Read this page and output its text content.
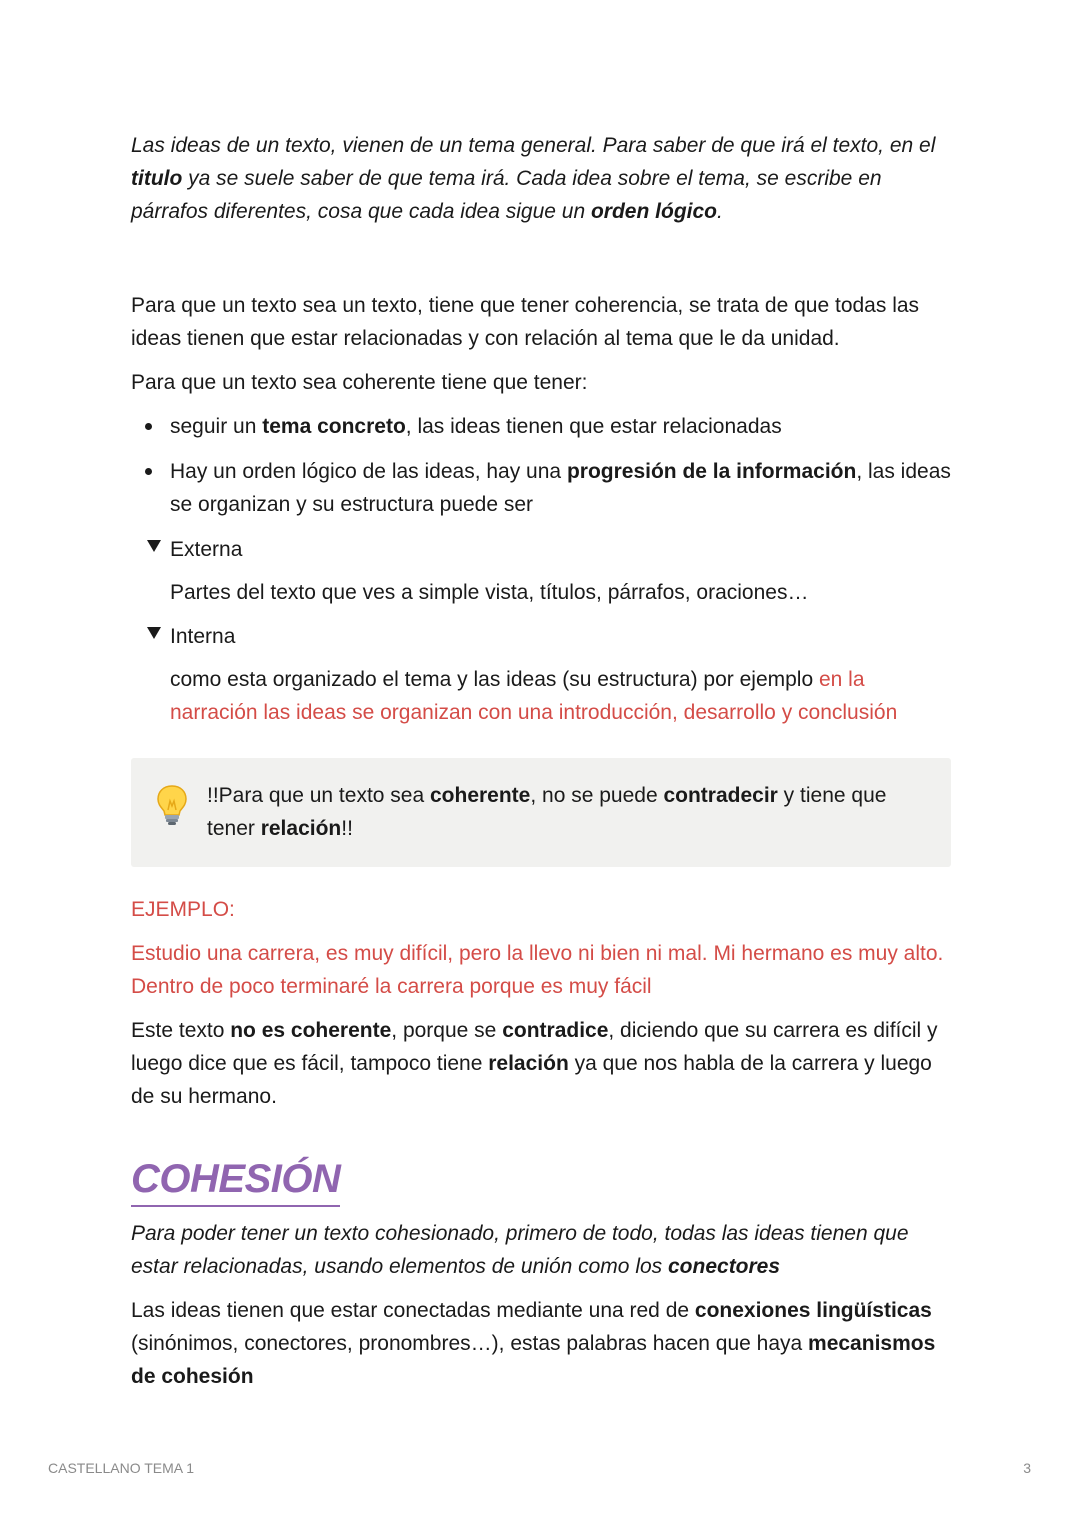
Las ideas de un texto, vienen de un tema general. Para saber de que irá el texto, en el titulo ya se suele saber de que tema irá. Cada idea sobre el tema, se escribe en párrafos diferentes, cosa que cada idea sigue un orden lógico.

Para que un texto sea un texto, tiene que tener coherencia, se trata de que todas las ideas tienen que estar relacionadas y con relación al tema que le da unidad.

Para que un texto sea coherente tiene que tener:

seguir un tema concreto, las ideas tienen que estar relacionadas
Hay un orden lógico de las ideas, hay una progresión de la información, las ideas se organizan y su estructura puede ser
Externa
Partes del texto que ves a simple vista, títulos, párrafos, oraciones…
Interna
como esta organizado el tema y las ideas (su estructura) por ejemplo en la narración las ideas se organizan con una introducción, desarrollo y conclusión

!!Para que un texto sea coherente, no se puede contradecir y tiene que tener relación!!

EJEMPLO:

Estudio una carrera, es muy difícil, pero la llevo ni bien ni mal. Mi hermano es muy alto. Dentro de poco terminaré la carrera porque es muy fácil

Este texto no es coherente, porque se contradice, diciendo que su carrera es difícil y luego dice que es fácil, tampoco tiene relación ya que nos habla de la carrera y luego de su hermano.

COHESIÓN

Para poder tener un texto cohesionado, primero de todo, todas las ideas tienen que estar relacionadas, usando elementos de unión como los conectores

Las ideas tienen que estar conectadas mediante una red de conexiones lingüísticas (sinónimos, conectores, pronombres…), estas palabras hacen que haya mecanismos de cohesión

CASTELLANO TEMA 1	3
